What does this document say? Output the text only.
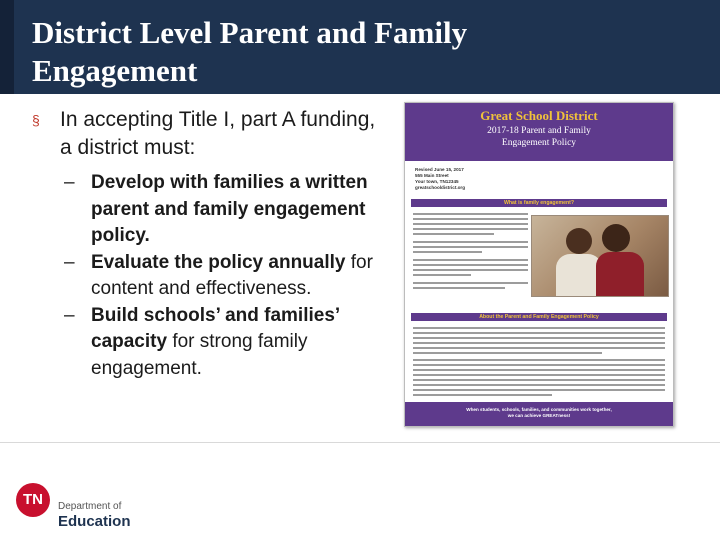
District Level Parent and Family
Engagement

§ In accepting Title I, part A funding, a district must:

– Develop with families a written parent and family engagement policy.
– Evaluate the policy annually for content and effectiveness.
– Build schools’ and families’ capacity for strong family engagement.
Great School District
2017-18 Parent and Family
Engagement Policy
Revised June 15, 2017
555 Main Street
Your town, TN12345
greatschooldistrict.org
What is family engagement?
About the Parent and Family Engagement Policy
When students, schools, families, and communities work together,
we can achieve GREATness!
TN	Department of
Education
